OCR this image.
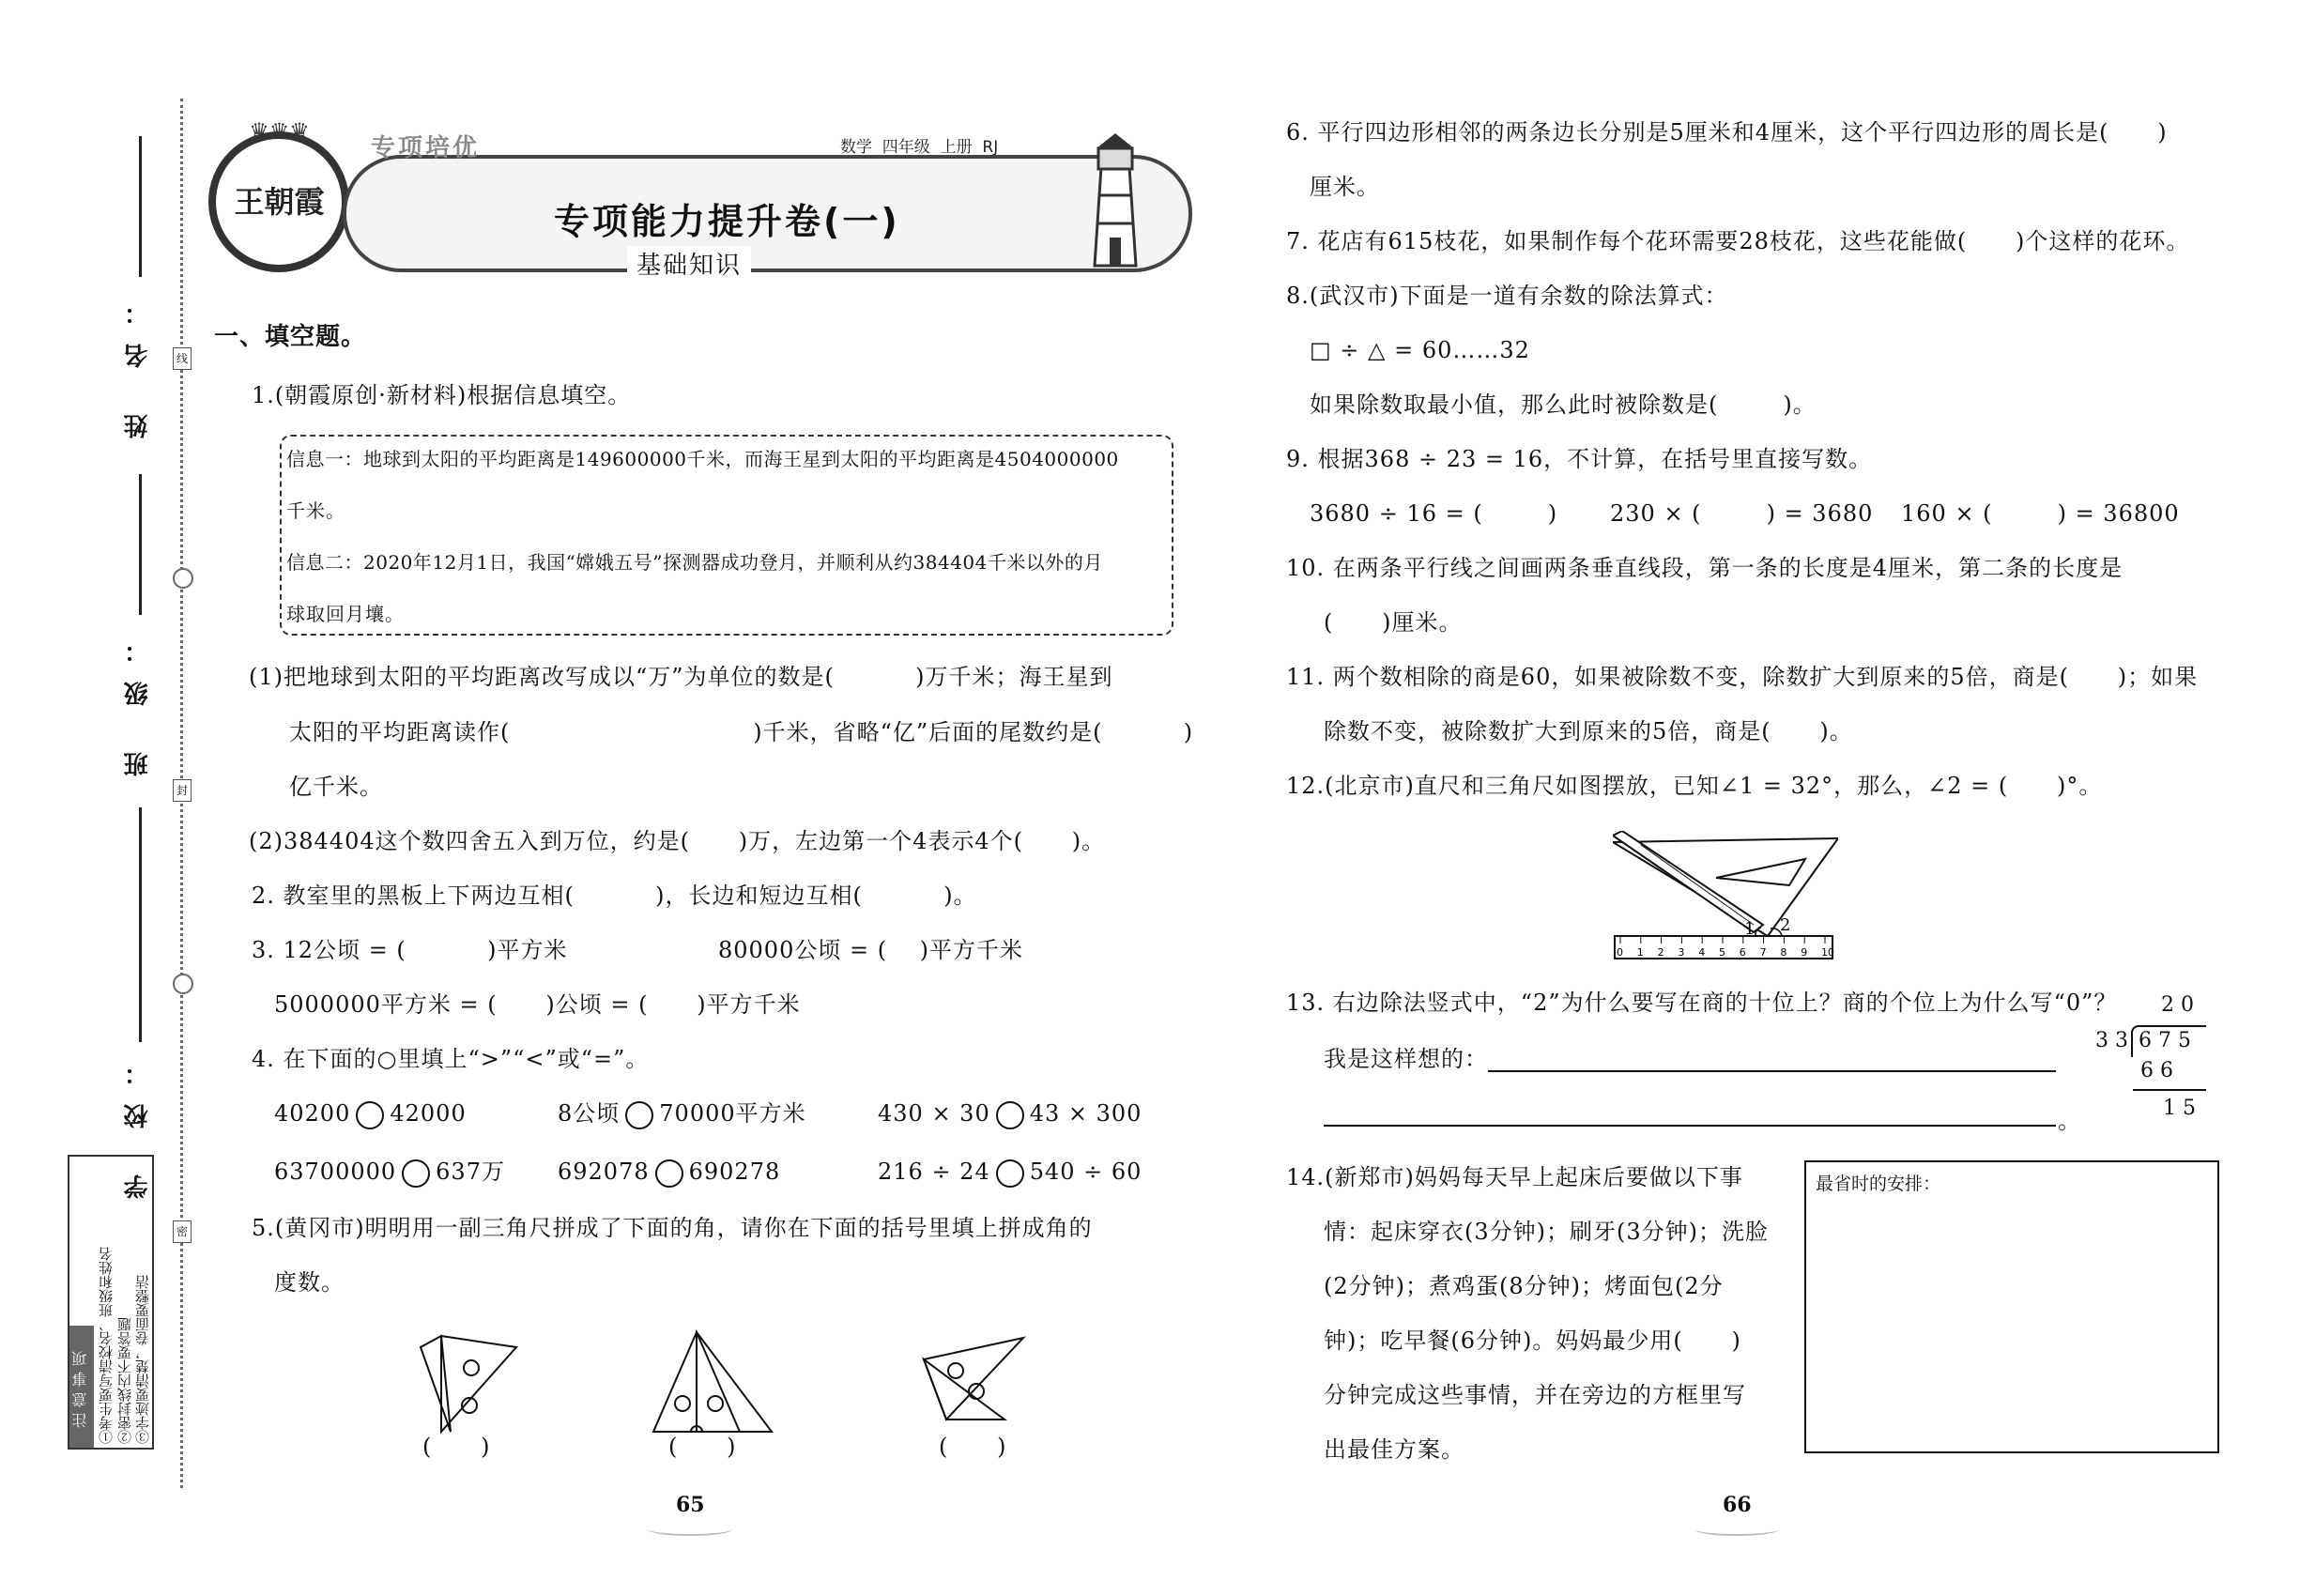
姓 名：
班 级：
学 校：
线
封
密
注意事项 ①考生要写清校名、班级和姓名 ②密封线内不要答题 ③字迹要清楚，卷面要整洁
♛♛♛
王朝霞
专项培优	数学  四年级  上册  RJ
专项能力提升卷(一)
基础知识
一、填空题。
1.(朝霞原创·新材料)根据信息填空。
信息一：地球到太阳的平均距离是149600000千米，而海王星到太阳的平均距离是4504000000
千米。
信息二：2020年12月1日，我国“嫦娥五号”探测器成功登月，并顺利从约384404千米以外的月
球取回月壤。
(1)把地球到太阳的平均距离改写成以“万”为单位的数是(          )万千米；海王星到
太阳的平均距离读作(                              )千米，省略“亿”后面的尾数约是(          )
亿千米。
(2)384404这个数四舍五入到万位，约是(      )万，左边第一个4表示4个(      )。
2. 教室里的黑板上下两边互相(          )，长边和短边互相(          )。
3. 12公顷 = (          )平方米	80000公顷 = (    )平方千米
5000000平方米 = (      )公顷 = (      )平方千米
4. 在下面的○里填上“>”“<”或“=”。
40200 42000	8公顷 70000平方米	430 × 30 43 × 300
63700000 637万 692078 690278	216 ÷ 24 540 ÷ 60
5.(黄冈市)明明用一副三角尺拼成了下面的角，请你在下面的括号里填上拼成角的
度数。
(      )	(      )	(      )
65
6. 平行四边形相邻的两条边长分别是5厘米和4厘米，这个平行四边形的周长是(      )
厘米。
7. 花店有615枝花，如果制作每个花环需要28枝花，这些花能做(      )个这样的花环。
8.(武汉市)下面是一道有余数的除法算式：
□ ÷ △ = 60……32
如果除数取最小值，那么此时被除数是(        )。
9. 根据368 ÷ 23 = 16，不计算，在括号里直接写数。
3680 ÷ 16 = (        ) 230 × (        ) = 3680 160 × (        ) = 36800
10. 在两条平行线之间画两条垂直线段，第一条的长度是4厘米，第二条的长度是
(      )厘米。
11. 两个数相除的商是60，如果被除数不变，除数扩大到原来的5倍，商是(      )；如果
除数不变，被除数扩大到原来的5倍，商是(      )。
12.(北京市)直尺和三角尺如图摆放，已知∠1 = 32°，那么，∠2 = (      )°。
0 1 2 3 4 5 6 7 8 9 10
1 2
13. 右边除法竖式中，“2”为什么要写在商的十位上？商的个位上为什么写“0”？
我是这样想的：
。
2 0
3 3 6 7 5
6 6
1 5
14.(新郑市)妈妈每天早上起床后要做以下事
情：起床穿衣(3分钟)；刷牙(3分钟)；洗脸
(2分钟)；煮鸡蛋(8分钟)；烤面包(2分
钟)；吃早餐(6分钟)。妈妈最少用(      )
分钟完成这些事情，并在旁边的方框里写
出最佳方案。
最省时的安排：
66
